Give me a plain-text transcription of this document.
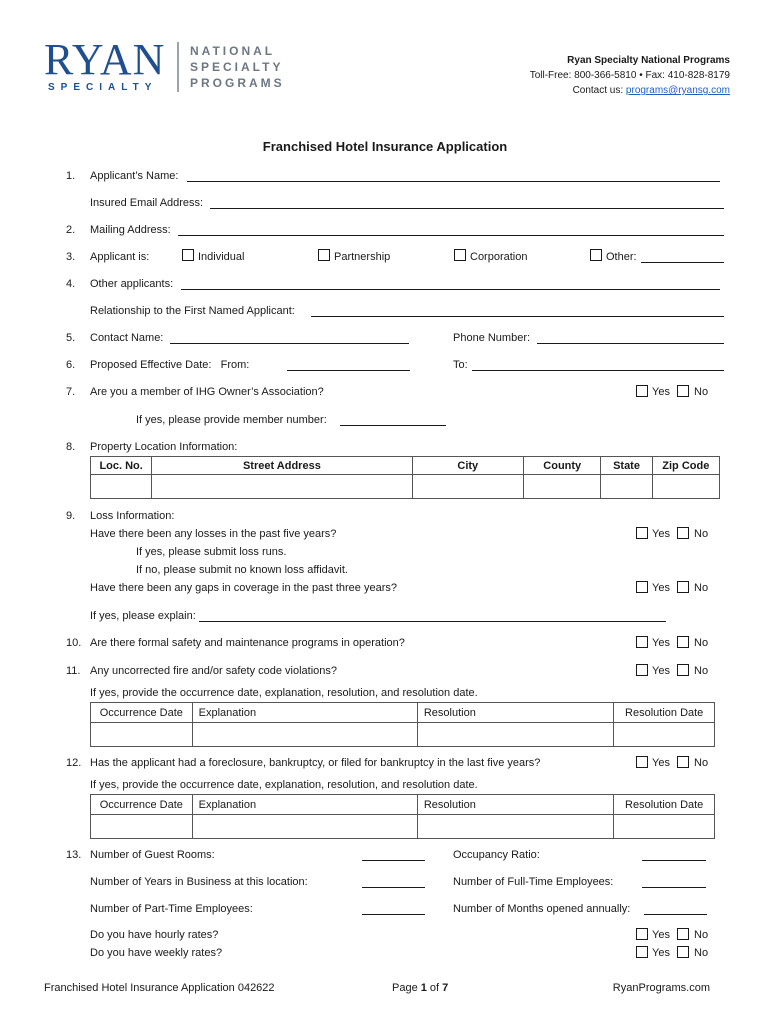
RYAN
SPECIALTY
NATIONAL
SPECIALTY
PROGRAMS
Ryan Specialty National Programs
Toll-Free: 800-366-5810 • Fax: 410-828-8179
Contact us: programs@ryansg.com
Franchised Hotel Insurance Application
1.	Applicant’s Name:
Insured Email Address:
2.	Mailing Address:
3.	Applicant is:	Individual	Partnership	Corporation	Other:
4.	Other applicants:
Relationship to the First Named Applicant:
5.	Contact Name:	Phone Number:
6.	Proposed Effective Date:   From:	To:
7.	Are you a member of IHG Owner’s Association?	Yes No
If yes, please provide member number:
8.	Property Location Information:
Loc. No.	Street Address	City	County	State	Zip Code

9.	Loss Information:
Have there been any losses in the past five years?	Yes No
If yes, please submit loss runs.
If no, please submit no known loss affidavit.
Have there been any gaps in coverage in the past three years?	Yes No
If yes, please explain:
10. Are there formal safety and maintenance programs in operation?	Yes No
11. Any uncorrected fire and/or safety code violations?	Yes No
If yes, provide the occurrence date, explanation, resolution, and resolution date.
Occurrence Date	Explanation	Resolution	Resolution Date

12. Has the applicant had a foreclosure, bankruptcy, or filed for bankruptcy in the last five years?	Yes No
If yes, provide the occurrence date, explanation, resolution, and resolution date.
Occurrence Date	Explanation	Resolution	Resolution Date

13. Number of Guest Rooms:	Occupancy Ratio:
Number of Years in Business at this location:	Number of Full-Time Employees:
Number of Part-Time Employees:	Number of Months opened annually:
Do you have hourly rates?	Yes No
Do you have weekly rates?	Yes No
Franchised Hotel Insurance Application 042622	Page 1 of 7	RyanPrograms.com
